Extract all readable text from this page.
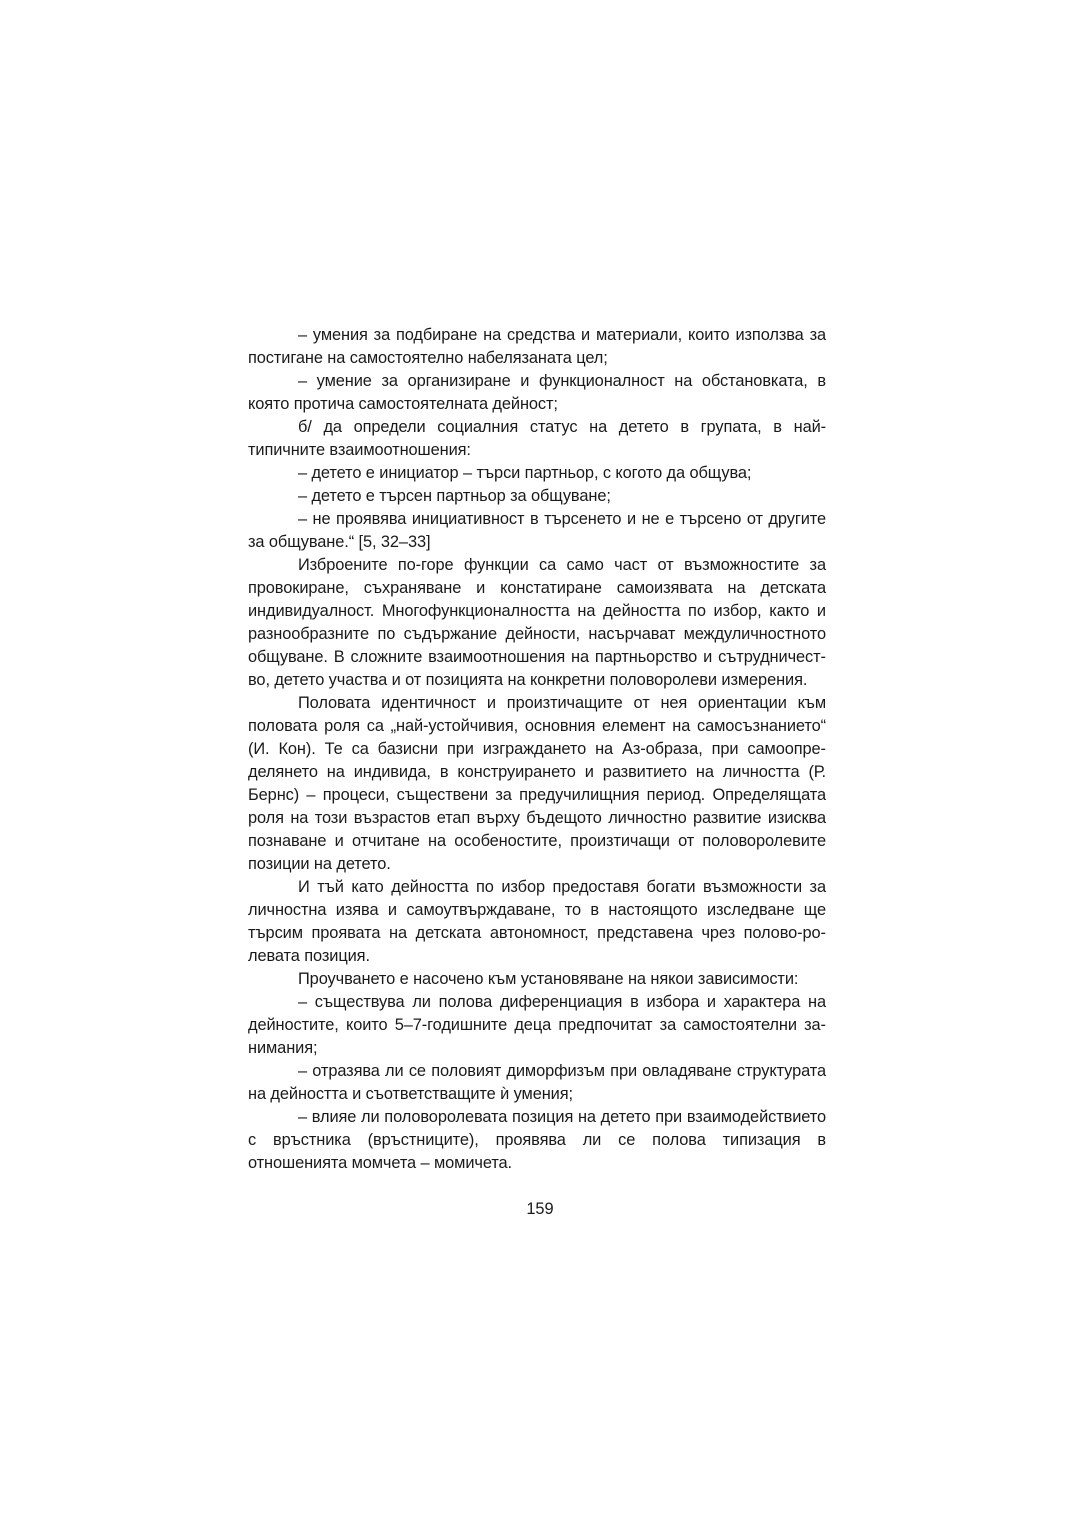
– умения за подбиране на средства и материали, които използва за постигане на самостоятелно набелязаната цел;

– умение за организиране и функционалност на обстановката, в която протича самостоятелната дейност;

б/ да определи социалния статус на детето в групата, в най-типичните взаимоотношения:

– детето е инициатор – търси партньор, с когото да общува;

– детето е търсен партньор за общуване;

– не проявява инициативност в търсенето и не е търсено от другите за общуване.“ [5, 32–33]

Изброените по-горе функции са само част от възможностите за провокиране, съхраняване и констатиране самоизявата на детската индивидуалност. Многофункционалността на дейността по избор, както и разнообразните по съдържание дейности, насърчават междуличностното общуване. В сложните взаимоотношения на партньорство и сътрудничество, детето участва и от позицията на конкретни половоролеви измерения.

Половата идентичност и произтичащите от нея ориентации към половата роля са „най-устойчивия, основния елемент на самосъзнанието“ (И. Кон). Те са базисни при изграждането на Аз-образа, при самоопределянето на индивида, в конструирането и развитието на личността (Р. Бернс) – процеси, съществени за предучилищния период. Определящата роля на този възрастов етап върху бъдещото личностно развитие изисква познаване и отчитане на особеностите, произтичащи от половоролевите позиции на детето.

И тъй като дейността по избор предоставя богати възможности за личностна изява и самоутвърждаване, то в настоящото изследване ще търсим проявата на детската автономност, представена чрез полово-ролевата позиция.

Проучването е насочено към установяване на някои зависимости:

– съществува ли полова диференциация в избора и характера на дейностите, които 5–7-годишните деца предпочитат за самостоятелни занимания;

– отразява ли се половият диморфизъм при овладяване структурата на дейността и съответстващите ѝ умения;

– влияе ли половоролевата позиция на детето при взаимодействието с връстника (връстниците), проявява ли се полова типизация в отношенията момчета – момичета.

159
